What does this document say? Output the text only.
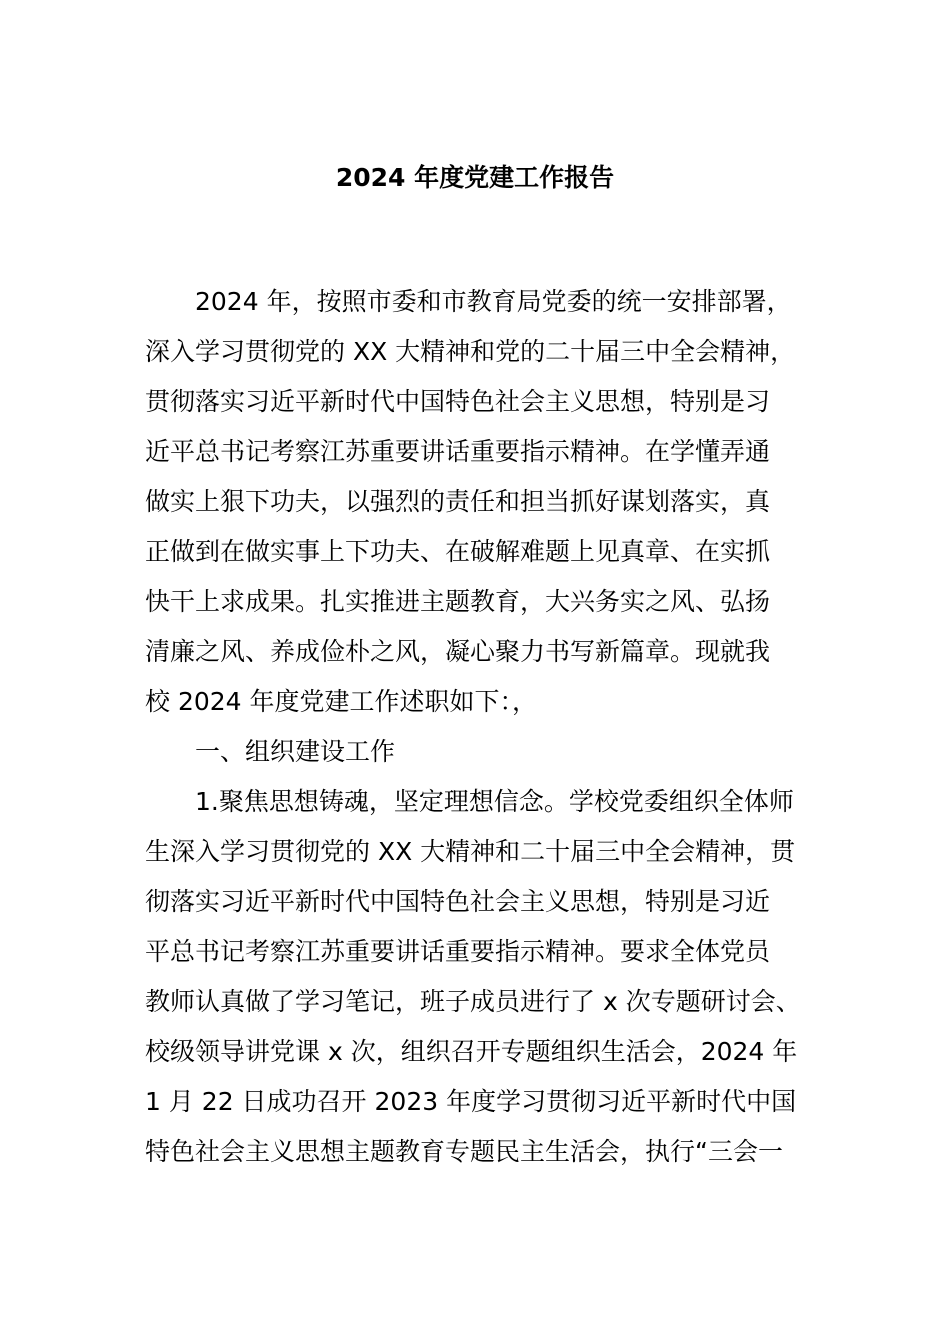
2024 年度党建工作报告
2024 年，按照市委和市教育局党委的统一安排部署，
深入学习贯彻党的 XX 大精神和党的二十届三中全会精神，
贯彻落实习近平新时代中国特色社会主义思想，特别是习
近平总书记考察江苏重要讲话重要指示精神。在学懂弄通
做实上狠下功夫，以强烈的责任和担当抓好谋划落实，真
正做到在做实事上下功夫、在破解难题上见真章、在实抓
快干上求成果。扎实推进主题教育，大兴务实之风、弘扬
清廉之风、养成俭朴之风，凝心聚力书写新篇章。现就我
校 2024 年度党建工作述职如下：，
一、组织建设工作
1.聚焦思想铸魂，坚定理想信念。学校党委组织全体师
生深入学习贯彻党的 XX 大精神和二十届三中全会精神，贯
彻落实习近平新时代中国特色社会主义思想，特别是习近
平总书记考察江苏重要讲话重要指示精神。要求全体党员
教师认真做了学习笔记，班子成员进行了 x 次专题研讨会、
校级领导讲党课 x 次，组织召开专题组织生活会，2024 年
1 月 22 日成功召开 2023 年度学习贯彻习近平新时代中国
特色社会主义思想主题教育专题民主生活会，执行“三会一
